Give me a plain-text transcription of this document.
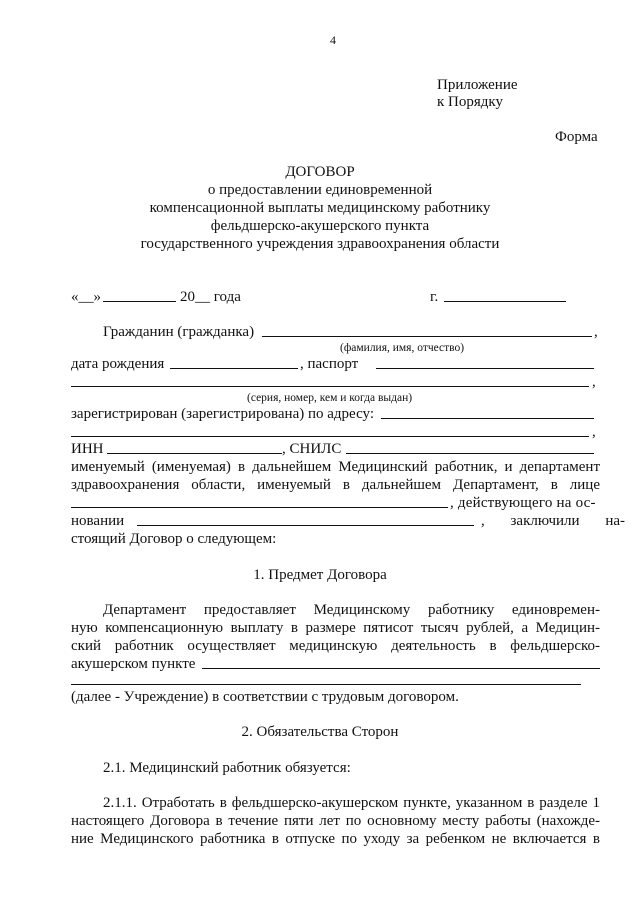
4
Приложение
к Порядку
Форма
ДОГОВОР
о предоставлении единовременной
компенсационной выплаты медицинскому работнику
фельдшерско-акушерского пункта
государственного учреждения здравоохранения области
«__»	20__ года	г.
Гражданин (гражданка)	,
(фамилия, имя, отчество)
дата рождения	, паспорт
,
(серия, номер, кем и когда выдан)
зарегистрирован (зарегистрирована) по адресу:
,
ИНН	, СНИЛС
именуемый (именуемая) в дальнейшем Медицинский работник, и департамент
здравоохранения области, именуемый в дальнейшем Департамент, в лице
, действующего на ос-
новании	, заключили на-
стоящий Договор о следующем:
1. Предмет Договора
Департамент предоставляет Медицинскому работнику единовремен-
ную компенсационную выплату в размере пятисот тысяч рублей, а Медицин-
ский работник осуществляет медицинскую деятельность в фельдшерско-
акушерском пункте
(далее - Учреждение) в соответствии с трудовым договором.
2. Обязательства Сторон
2.1. Медицинский работник обязуется:
2.1.1. Отработать в фельдшерско-акушерском пункте, указанном в разделе 1
настоящего Договора в течение пяти лет по основному месту работы (нахожде-
ние Медицинского работника в отпуске по уходу за ребенком не включается в
